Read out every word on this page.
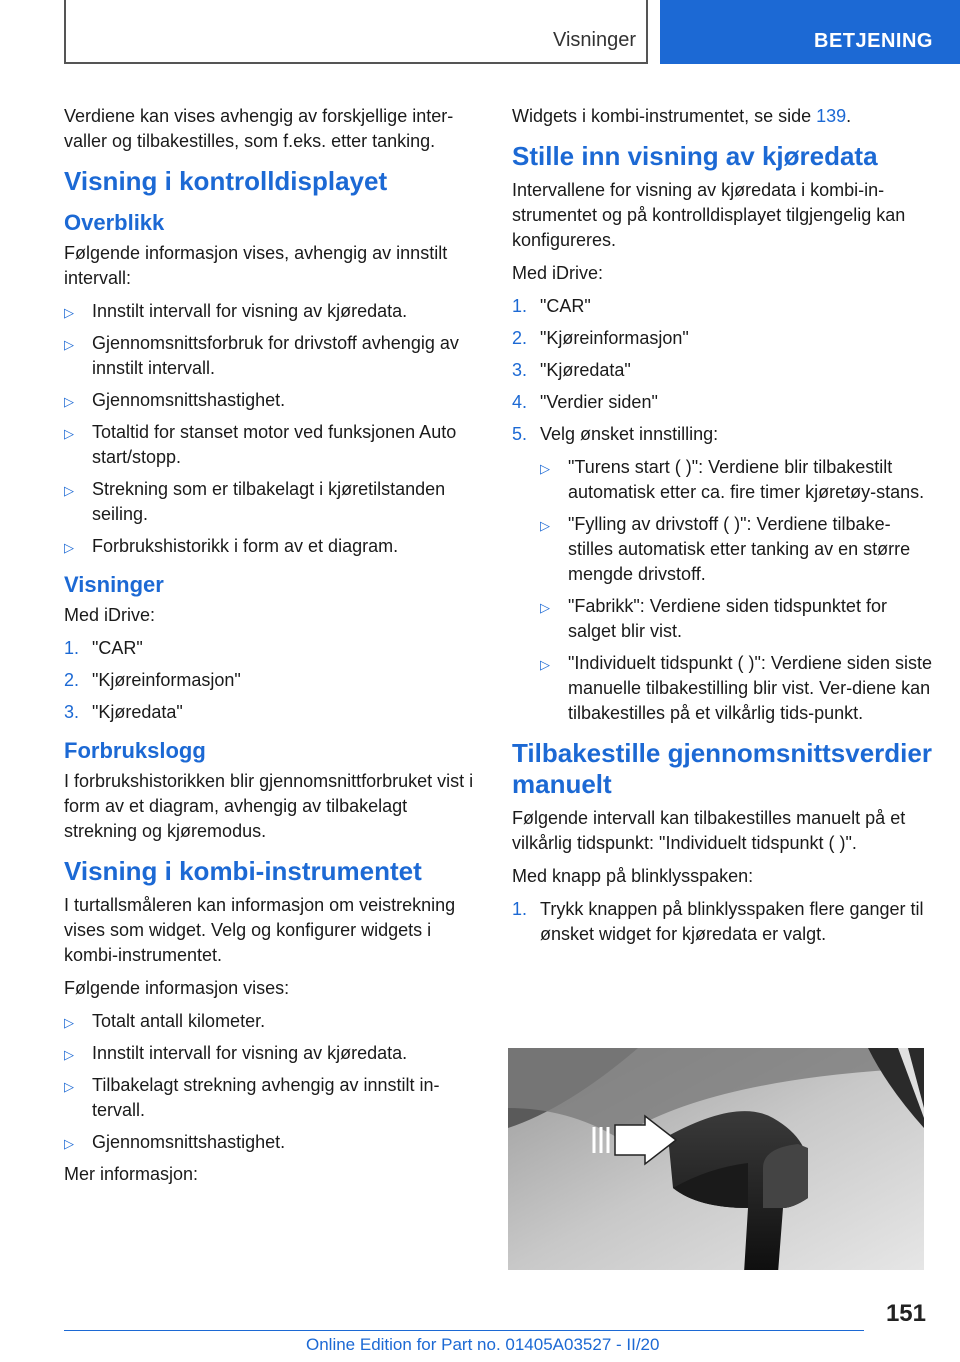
Visninger	BETJENING

Verdiene kan vises avhengig av forskjellige inter-valler og tilbakestilles, som f.eks. etter tanking.

Visning i kontrolldisplayet
Overblikk

Følgende informasjon vises, avhengig av innstilt intervall:

▷ Innstilt intervall for visning av kjøredata.
▷ Gjennomsnittsforbruk for drivstoff avhengig av innstilt intervall.
▷ Gjennomsnittshastighet.
▷ Totaltid for stanset motor ved funksjonen Auto start/stopp.
▷ Strekning som er tilbakelagt i kjøretilstanden seiling.
▷ Forbrukshistorikk i form av et diagram.
Visninger

Med iDrive:

1. "CAR"
2. "Kjøreinformasjon"
3. "Kjøredata"
Forbrukslogg

I forbrukshistorikken blir gjennomsnittforbruket vist i form av et diagram, avhengig av tilbakelagt strekning og kjøremodus.

Visning i kombi-instrumentet

I turtallsmåleren kan informasjon om veistrekning vises som widget. Velg og konfigurer widgets i kombi-instrumentet.

Følgende informasjon vises:

▷ Totalt antall kilometer.
▷ Innstilt intervall for visning av kjøredata.
▷ Tilbakelagt strekning avhengig av innstilt in-tervall.
▷ Gjennomsnittshastighet.

Mer informasjon:

Widgets i kombi-instrumentet, se side 139.

Stille inn visning av kjøredata

Intervallene for visning av kjøredata i kombi-in-strumentet og på kontrolldisplayet tilgjengelig kan konfigureres.

Med iDrive:

1. "CAR"
2. "Kjøreinformasjon"
3. "Kjøredata"
4. "Verdier siden"
5. Velg ønsket innstilling:
▷ "Turens start ( )": Verdiene blir tilbakestilt automatisk etter ca. fire timer kjøretøy-stans.
▷ "Fylling av drivstoff ( )": Verdiene tilbake-stilles automatisk etter tanking av en større mengde drivstoff.
▷ "Fabrikk": Verdiene siden tidspunktet for salget blir vist.
▷ "Individuelt tidspunkt ( )": Verdiene siden siste manuelle tilbakestilling blir vist. Ver-diene kan tilbakestilles på et vilkårlig tids-punkt.
Tilbakestille gjennomsnittsverdier manuelt

Følgende intervall kan tilbakestilles manuelt på et vilkårlig tidspunkt: "Individuelt tidspunkt ( )".

Med knapp på blinklysspaken:

1. Trykk knappen på blinklysspaken flere ganger til ønsket widget for kjøredata er valgt.
151
Online Edition for Part no. 01405A03527 - II/20
